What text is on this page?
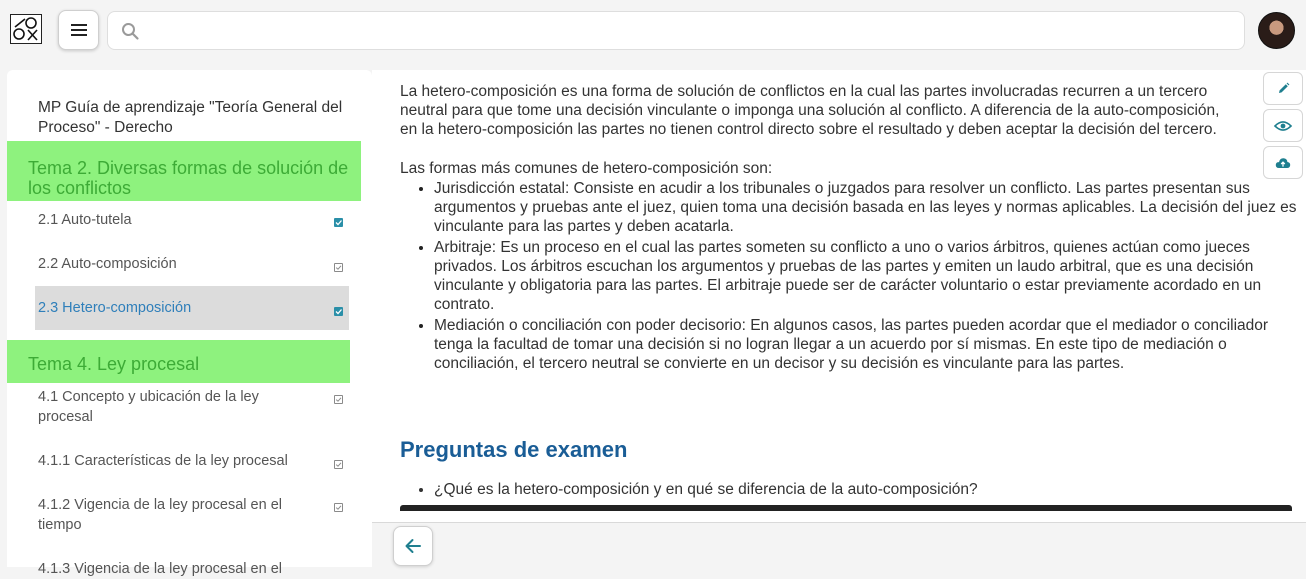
MP Guía de aprendizaje "Teoría General del Proceso" - Derecho
Tema 2. Diversas formas de solución de los conflictos
2.1 Auto-tutela
2.2 Auto-composición
2.3 Hetero-composición
Tema 4. Ley procesal
4.1 Concepto y ubicación de la ley procesal
4.1.1 Características de la ley procesal
4.1.2 Vigencia de la ley procesal en el tiempo
4.1.3 Vigencia de la ley procesal en el

La hetero-composición es una forma de solución de conflictos en la cual las partes involucradas recurren a un tercero
neutral para que tome una decisión vinculante o imponga una solución al conflicto. A diferencia de la auto-composición,
en la hetero-composición las partes no tienen control directo sobre el resultado y deben aceptar la decisión del tercero.

Las formas más comunes de hetero-composición son:

• Jurisdicción estatal: Consiste en acudir a los tribunales o juzgados para resolver un conflicto. Las partes presentan sus argumentos y pruebas ante el juez, quien toma una decisión basada en las leyes y normas aplicables. La decisión del juez es vinculante para las partes y deben acatarla.
• Arbitraje: Es un proceso en el cual las partes someten su conflicto a uno o varios árbitros, quienes actúan como jueces privados. Los árbitros escuchan los argumentos y pruebas de las partes y emiten un laudo arbitral, que es una decisión vinculante y obligatoria para las partes. El arbitraje puede ser de carácter voluntario o estar previamente acordado en un contrato.
• Mediación o conciliación con poder decisorio: En algunos casos, las partes pueden acordar que el mediador o conciliador tenga la facultad de tomar una decisión si no logran llegar a un acuerdo por sí mismas. En este tipo de mediación o conciliación, el tercero neutral se convierte en un decisor y su decisión es vinculante para las partes.
Preguntas de examen
• ¿Qué es la hetero-composición y en qué se diferencia de la auto-composición?
